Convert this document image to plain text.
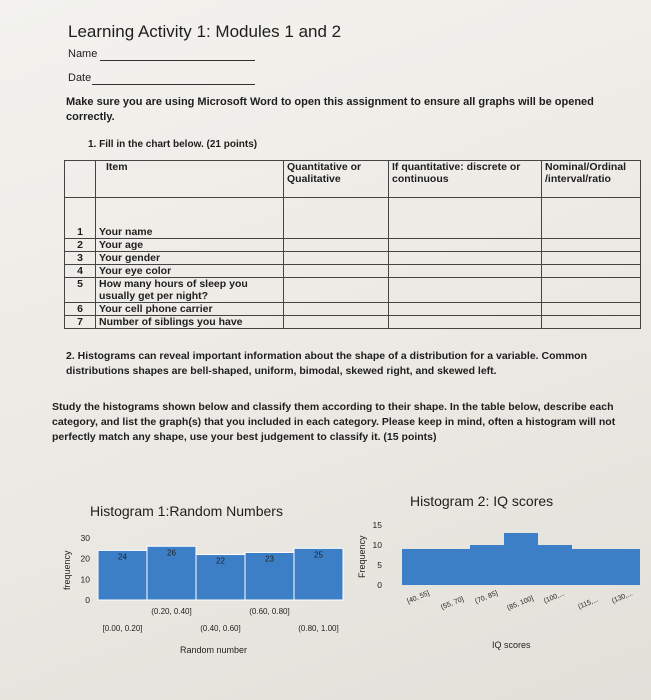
Learning Activity 1: Modules 1 and 2
Name
Date
Make sure you are using Microsoft Word to open this assignment to ensure all graphs will be opened correctly.
1. Fill in the chart below. (21 points)
	Item	Quantitative or Qualitative	If quantitative: discrete or continuous	Nominal/Ordinal /interval/ratio
1	Your name			
2	Your age			
3	Your gender			
4	Your eye color			
5	How many hours of sleep you usually get per night?			
6	Your cell phone carrier			
7	Number of siblings you have			
2. Histograms can reveal important information about the shape of a distribution for a variable. Common distributions shapes are bell-shaped, uniform, bimodal, skewed right, and skewed left.
Study the histograms shown below and classify them according to their shape. In the table below, describe each category, and list the graph(s) that you included in each category. Please keep in mind, often a histogram will not perfectly match any shape, use your best judgement to classify it. (15 points)
Histogram 1:Random Numbers
frequency
0
10
20
30
24
[0.00, 0.20]
26
(0.20, 0.40]
22
(0.40, 0.60]
23
(0.60, 0.80]
25
(0.80, 1.00]
Random number
Histogram 2: IQ scores
Frequency
0
5
10
15
[40, 55] (55, 70] (70, 85] (85, 100] (100,... (115,... (130,...
IQ scores
